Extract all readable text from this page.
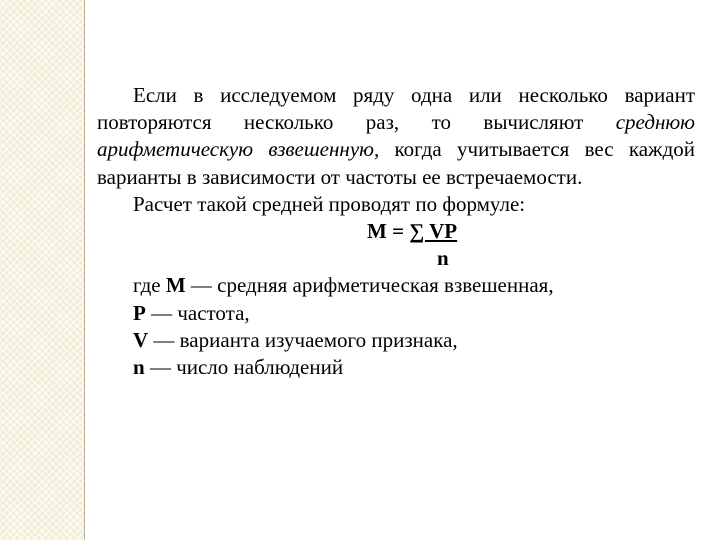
Если в исследуемом ряду одна или несколько вариант повторяются несколько раз, то вычисляют среднюю арифметическую взвешенную, когда учитывается вес каждой варианты в зависимости от частоты ее встречаемости.

Расчет такой средней проводят по формуле:

M = ∑ VP

n

где M — средняя арифметическая взвешенная,

P — частота,

V — варианта изучаемого признака,

n — число наблюдений
